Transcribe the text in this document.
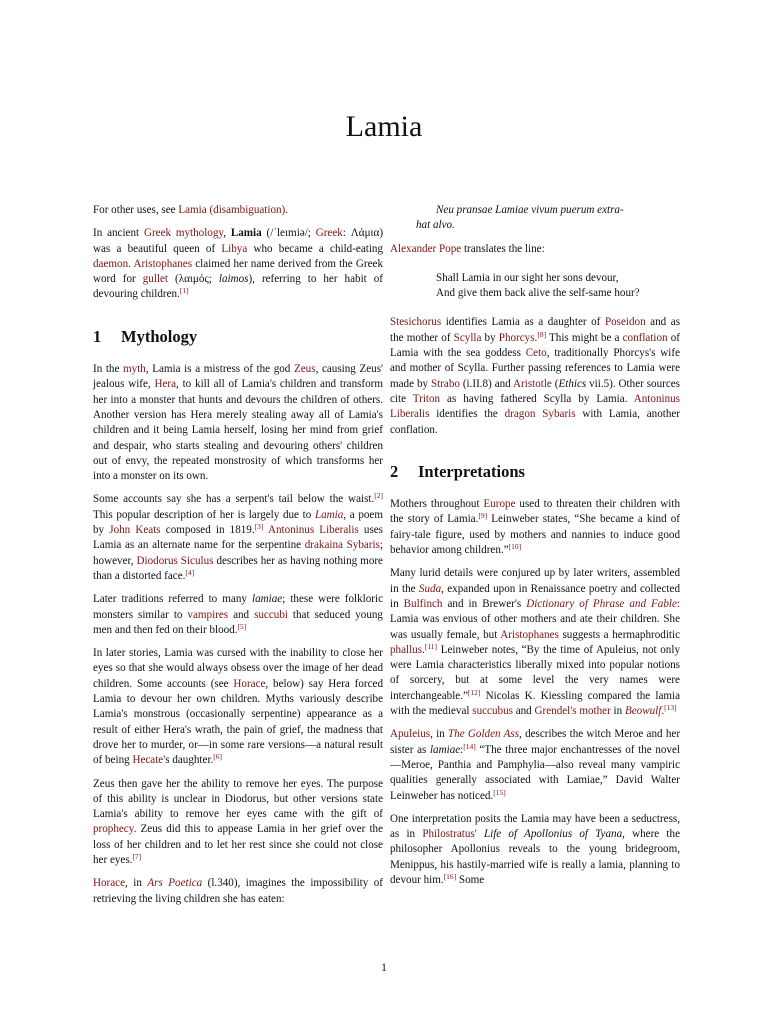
Lamia

For other uses, see Lamia (disambiguation).

In ancient Greek mythology, Lamia (/ˈleɪmiə/; Greek: Λάμια) was a beautiful queen of Libya who became a child-eating daemon. Aristophanes claimed her name derived from the Greek word for gullet (λαιμός; laimos), referring to her habit of devouring children.[1]

1 Mythology

In the myth, Lamia is a mistress of the god Zeus, causing Zeus' jealous wife, Hera, to kill all of Lamia's children and transform her into a monster that hunts and devours the children of others. Another version has Hera merely stealing away all of Lamia's children and it being Lamia herself, losing her mind from grief and despair, who starts stealing and devouring others' children out of envy, the repeated monstrosity of which transforms her into a monster on its own.

Some accounts say she has a serpent's tail below the waist.[2] This popular description of her is largely due to Lamia, a poem by John Keats composed in 1819.[3] Antoninus Liberalis uses Lamia as an alternate name for the serpentine drakaina Sybaris; however, Diodorus Siculus describes her as having nothing more than a distorted face.[4]

Later traditions referred to many lamiae; these were folkloric monsters similar to vampires and succubi that seduced young men and then fed on their blood.[5]

In later stories, Lamia was cursed with the inability to close her eyes so that she would always obsess over the image of her dead children. Some accounts (see Horace, below) say Hera forced Lamia to devour her own children. Myths variously describe Lamia's monstrous (occasionally serpentine) appearance as a result of either Hera's wrath, the pain of grief, the madness that drove her to murder, or—in some rare versions—a natural result of being Hecate's daughter.[6]

Zeus then gave her the ability to remove her eyes. The purpose of this ability is unclear in Diodorus, but other versions state Lamia's ability to remove her eyes came with the gift of prophecy. Zeus did this to appease Lamia in her grief over the loss of her children and to let her rest since she could not close her eyes.[7]

Horace, in Ars Poetica (l.340), imagines the impossibility of retrieving the living children she has eaten:

Neu pransae Lamiae vivum puerum extra-
hat alvo.

Alexander Pope translates the line:

Shall Lamia in our sight her sons devour,
And give them back alive the self-same hour?

Stesichorus identifies Lamia as a daughter of Poseidon and as the mother of Scylla by Phorcys.[8] This might be a conflation of Lamia with the sea goddess Ceto, traditionally Phorcys's wife and mother of Scylla. Further passing references to Lamia were made by Strabo (i.II.8) and Aristotle (Ethics vii.5). Other sources cite Triton as having fathered Scylla by Lamia. Antoninus Liberalis identifies the dragon Sybaris with Lamia, another conflation.

2 Interpretations

Mothers throughout Europe used to threaten their children with the story of Lamia.[9] Leinweber states, “She became a kind of fairy-tale figure, used by mothers and nannies to induce good behavior among children.”[10]

Many lurid details were conjured up by later writers, assembled in the Suda, expanded upon in Renaissance poetry and collected in Bulfinch and in Brewer's Dictionary of Phrase and Fable: Lamia was envious of other mothers and ate their children. She was usually female, but Aristophanes suggests a hermaphroditic phallus.[11] Leinweber notes, “By the time of Apuleius, not only were Lamia characteristics liberally mixed into popular notions of sorcery, but at some level the very names were interchangeable.”[12] Nicolas K. Kiessling compared the lamia with the medieval succubus and Grendel's mother in Beowulf.[13]

Apuleius, in The Golden Ass, describes the witch Meroe and her sister as lamiae:[14] “The three major enchantresses of the novel—Meroe, Panthia and Pamphylia—also reveal many vampiric qualities generally associated with Lamiae,” David Walter Leinweber has noticed.[15]

One interpretation posits the Lamia may have been a seductress, as in Philostratus' Life of Apollonius of Tyana, where the philosopher Apollonius reveals to the young bridegroom, Menippus, his hastily-married wife is really a lamia, planning to devour him.[16] Some

1
